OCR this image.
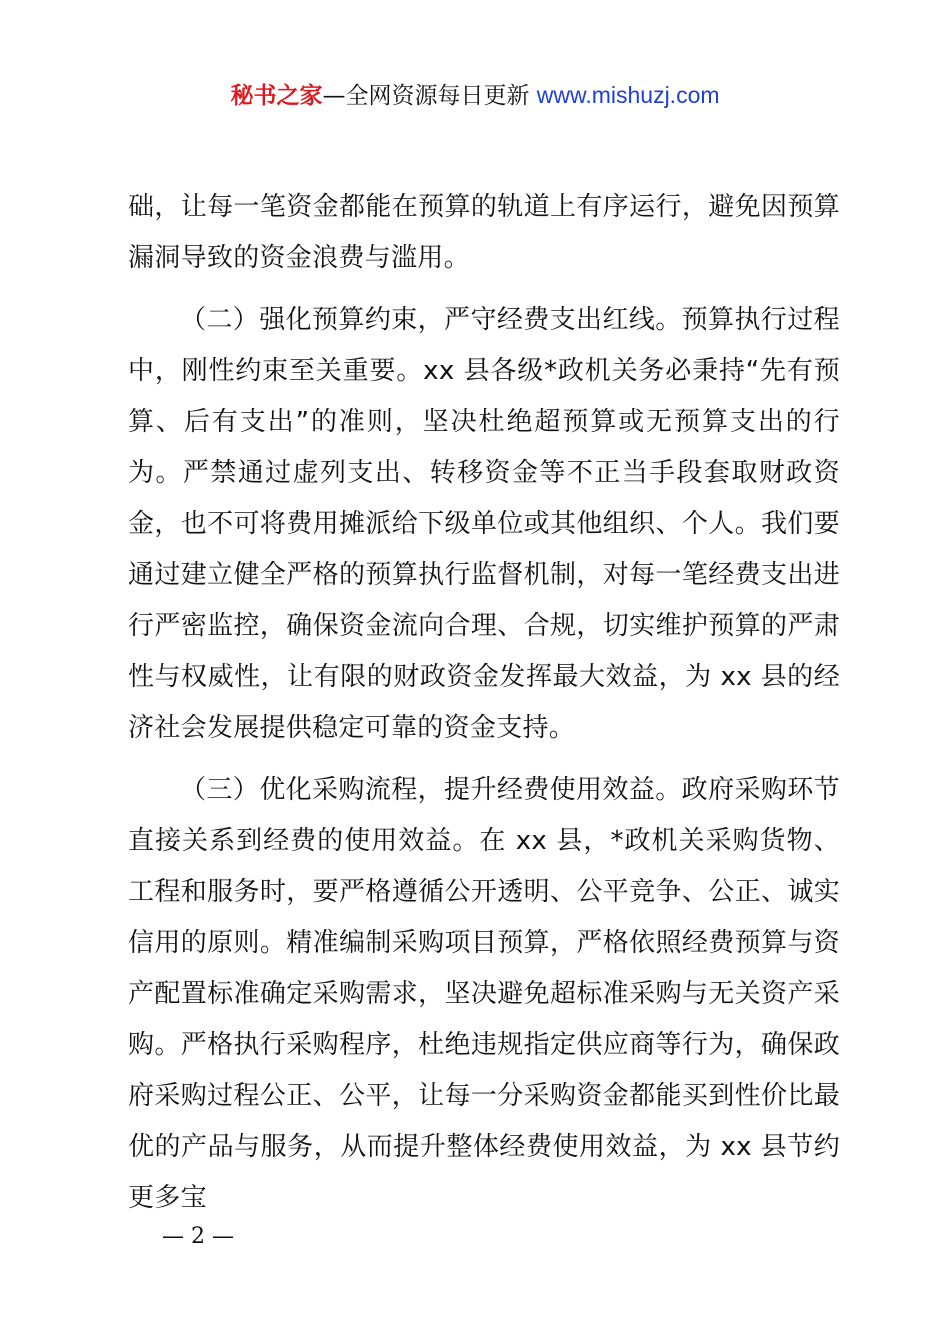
秘书之家—全网资源每日更新 www.mishuzj.com

础，让每一笔资金都能在预算的轨道上有序运行，避免因预算漏洞导致的资金浪费与滥用。

（二）强化预算约束，严守经费支出红线。预算执行过程中，刚性约束至关重要。xx 县各级*政机关务必秉持“先有预算、后有支出”的准则，坚决杜绝超预算或无预算支出的行为。严禁通过虚列支出、转移资金等不正当手段套取财政资金，也不可将费用摊派给下级单位或其他组织、个人。我们要通过建立健全严格的预算执行监督机制，对每一笔经费支出进行严密监控，确保资金流向合理、合规，切实维护预算的严肃性与权威性，让有限的财政资金发挥最大效益，为 xx 县的经济社会发展提供稳定可靠的资金支持。

（三）优化采购流程，提升经费使用效益。政府采购环节直接关系到经费的使用效益。在 xx 县，*政机关采购货物、工程和服务时，要严格遵循公开透明、公平竞争、公正、诚实信用的原则。精准编制采购项目预算，严格依照经费预算与资产配置标准确定采购需求，坚决避免超标准采购与无关资产采购。严格执行采购程序，杜绝违规指定供应商等行为，确保政府采购过程公正、公平，让每一分采购资金都能买到性价比最优的产品与服务，从而提升整体经费使用效益，为 xx 县节约更多宝

— 2 —
